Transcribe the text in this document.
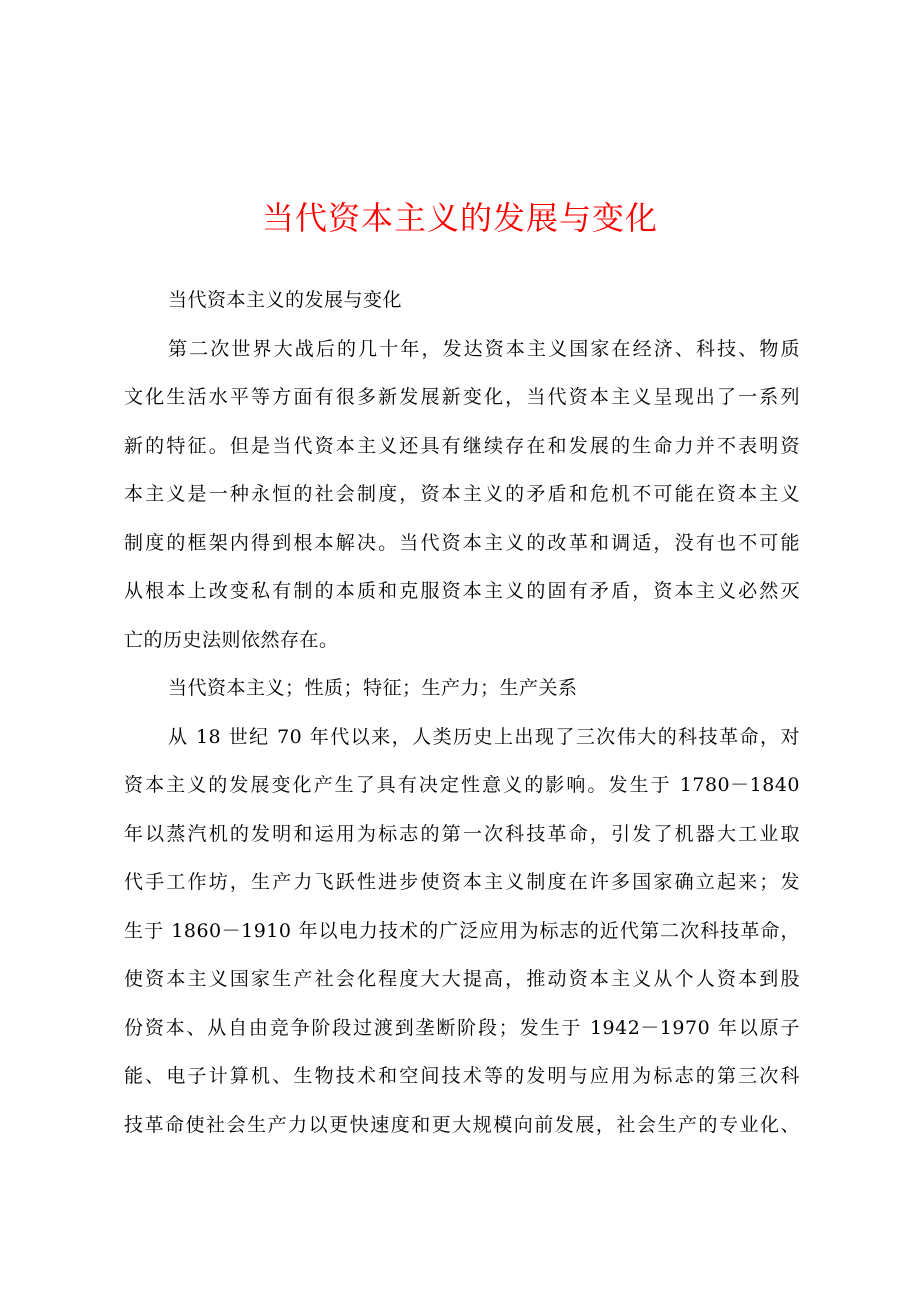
当代资本主义的发展与变化
当代资本主义的发展与变化
第二次世界大战后的几十年，发达资本主义国家在经济、科技、物质
文化生活水平等方面有很多新发展新变化，当代资本主义呈现出了一系列
新的特征。但是当代资本主义还具有继续存在和发展的生命力并不表明资
本主义是一种永恒的社会制度，资本主义的矛盾和危机不可能在资本主义
制度的框架内得到根本解决。当代资本主义的改革和调适，没有也不可能
从根本上改变私有制的本质和克服资本主义的固有矛盾，资本主义必然灭
亡的历史法则依然存在。
当代资本主义；性质；特征；生产力；生产关系
从 18 世纪 70 年代以来，人类历史上出现了三次伟大的科技革命，对
资本主义的发展变化产生了具有决定性意义的影响。发生于 1780－1840
年以蒸汽机的发明和运用为标志的第一次科技革命，引发了机器大工业取
代手工作坊，生产力飞跃性进步使资本主义制度在许多国家确立起来；发
生于 1860－1910 年以电力技术的广泛应用为标志的近代第二次科技革命，
使资本主义国家生产社会化程度大大提高，推动资本主义从个人资本到股
份资本、从自由竞争阶段过渡到垄断阶段；发生于 1942－1970 年以原子
能、电子计算机、生物技术和空间技术等的发明与应用为标志的第三次科
技革命使社会生产力以更快速度和更大规模向前发展，社会生产的专业化、
